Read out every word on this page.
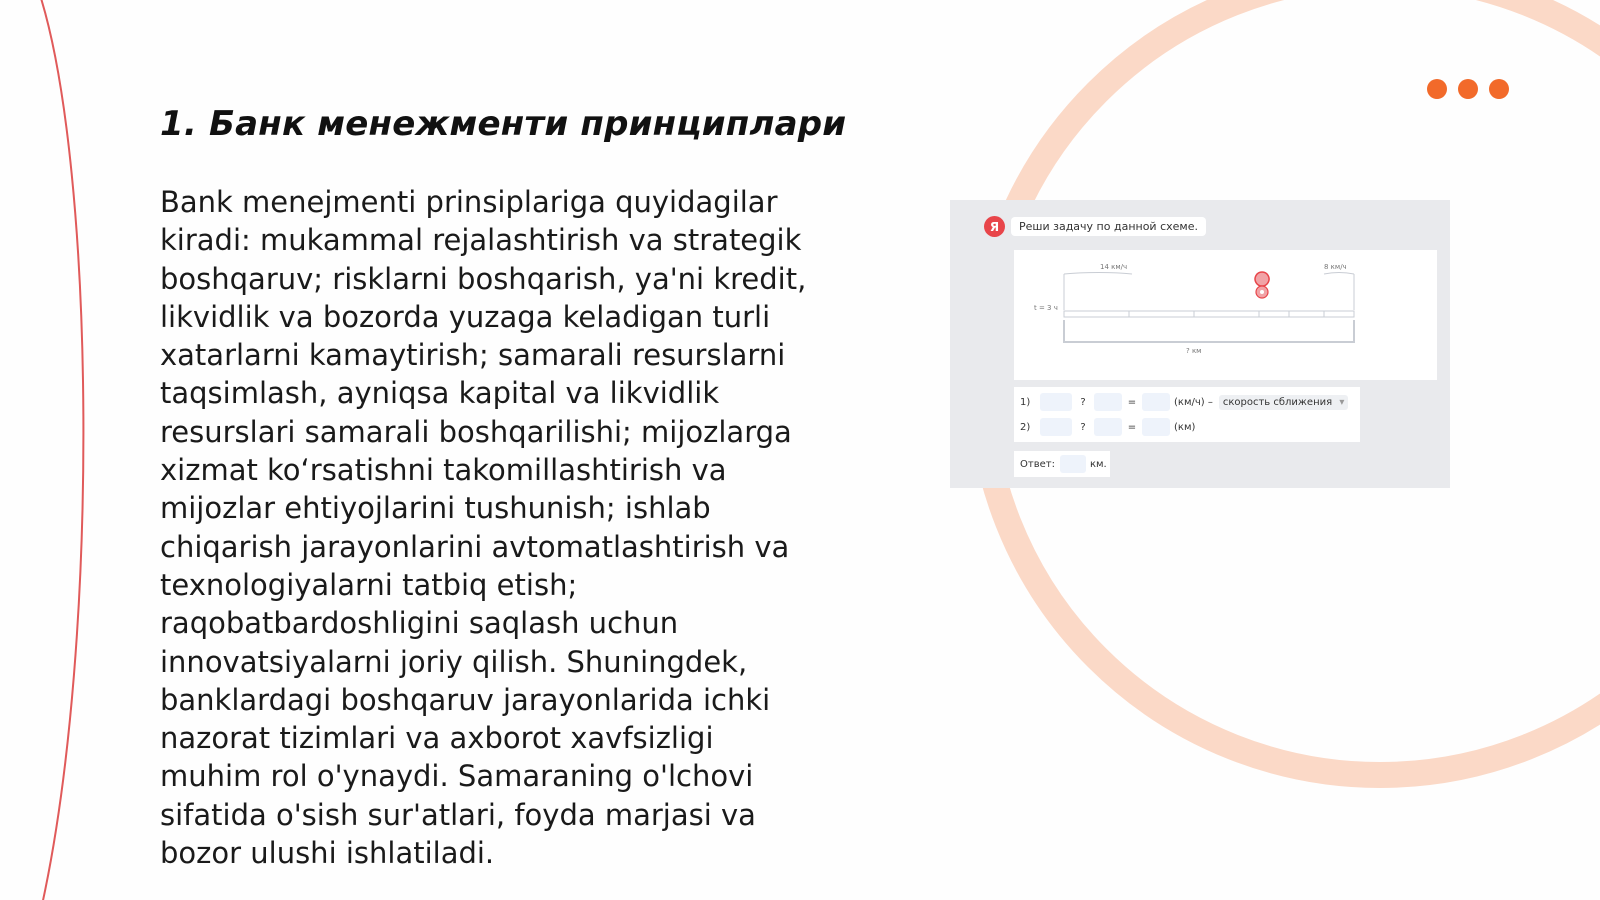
1. Банк менежменти принциплари
Bank menejmenti prinsiplariga quyidagilar
kiradi: mukammal rejalashtirish va strategik
boshqaruv; risklarni boshqarish, ya'ni kredit,
likvidlik va bozorda yuzaga keladigan turli
xatarlarni kamaytirish; samarali resurslarni
taqsimlash, ayniqsa kapital va likvidlik
resurslari samarali boshqarilishi; mijozlarga
xizmat ko‘rsatishni takomillashtirish va
mijozlar ehtiyojlarini tushunish; ishlab
chiqarish jarayonlarini avtomatlashtirish va
texnologiyalarni tatbiq etish;
raqobatbardoshligini saqlash uchun
innovatsiyalarni joriy qilish. Shuningdek,
banklardagi boshqaruv jarayonlarida ichki
nazorat tizimlari va axborot xavfsizligi
muhim rol o'ynaydi. Samaraning o'lchovi
sifatida o'sish sur'atlari, foyda marjasi va
bozor ulushi ishlatiladi.
Я	Реши задачу по данной схеме.
14 км/ч	8 км/ч
t = 3 ч
? км
1)	?	=	(км/ч) –	скорость сближения ▾
2)	?	=	(км)
Ответ:	км.
